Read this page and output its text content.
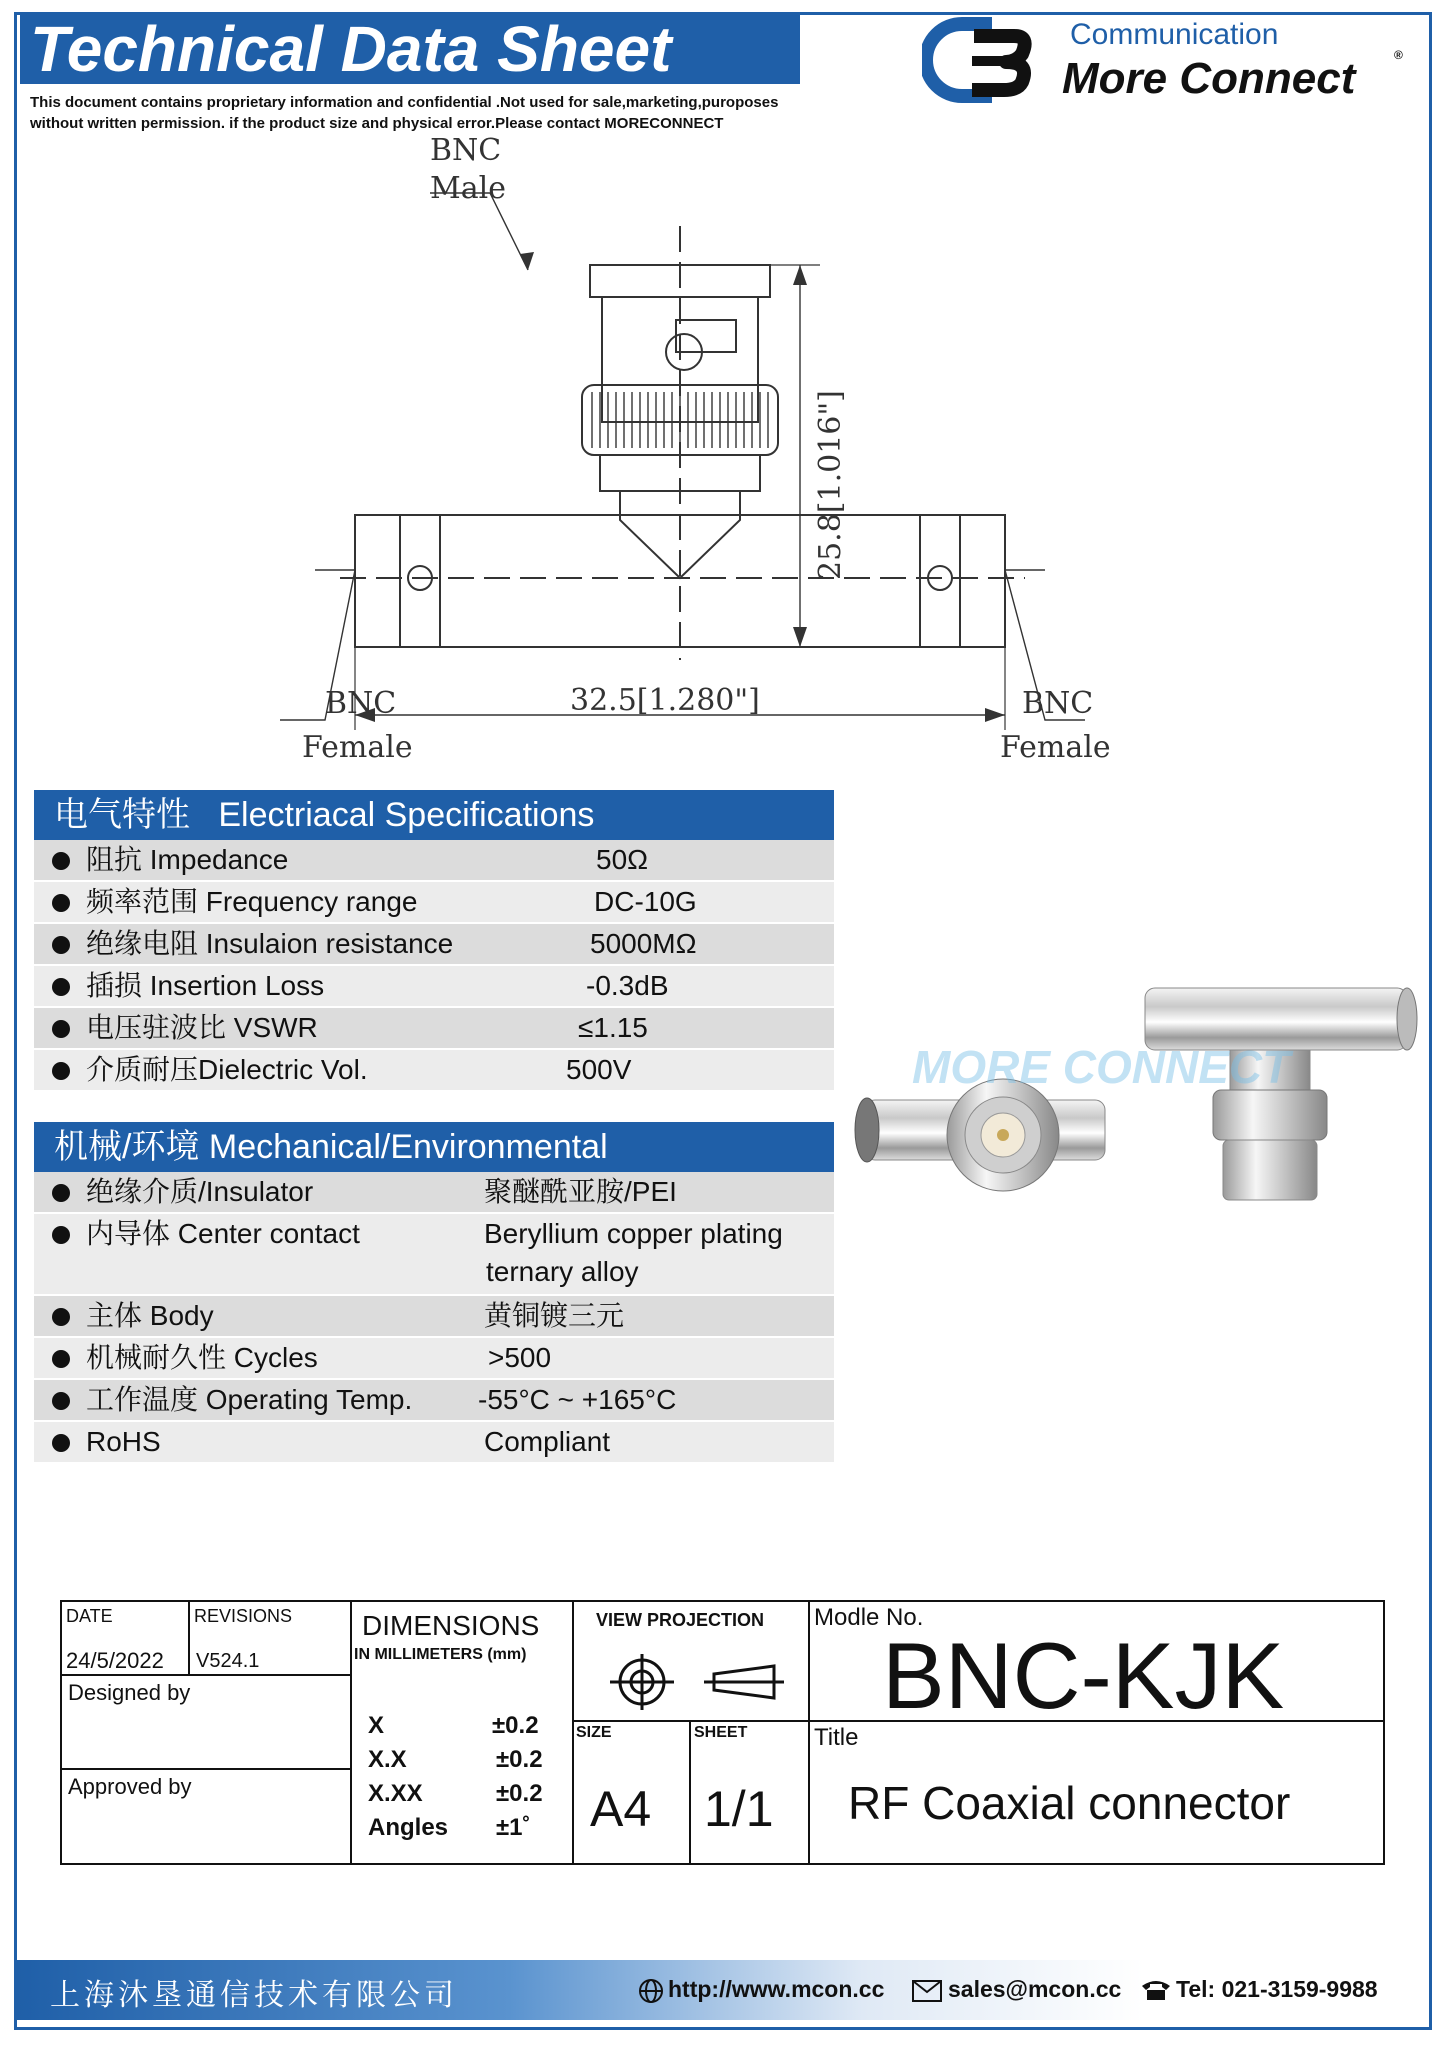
Technical Data Sheet
This document contains proprietary information and confidential .Not used for sale,marketing,puroposes
without written permission. if the product size and physical error.Please contact MORECONNECT
Communication
More Connect	®
BNC
Male
BNC
Female
BNC
Female
32.5[1.280"]
25.8[1.016"]
电气特性 Electriacal Specifications
阻抗 Impedance	50Ω
频率范围 Frequency range	DC-10G
绝缘电阻 Insulaion resistance	5000MΩ
插损 Insertion Loss	-0.3dB
电压驻波比 VSWR	≤1.15
介质耐压Dielectric Vol.	500V
机械/环境 Mechanical/Environmental
绝缘介质/Insulator	聚醚酰亚胺/PEI
内导体 Center contact	Beryllium copper plating
ternary alloy
主体 Body	黄铜镀三元
机械耐久性 Cycles	>500
工作温度 Operating Temp. -55°C ~ +165°C
RoHS	Compliant
MORE CONNECT
DATE
24/5/2022
REVISIONS
V524.1
Designed by
Approved by
DIMENSIONS
IN MILLIMETERS (mm)
X	±0.2
X.X	±0.2
X.XX	±0.2
Angles ±1˚
VIEW PROJECTION
SIZE
A4
SHEET
1/1
Modle No.
BNC-KJK
Title
RF Coaxial connector
上海沐垦通信技术有限公司	http://www.mcon.cc	sales@mcon.cc Tel: 021-3159-9988
